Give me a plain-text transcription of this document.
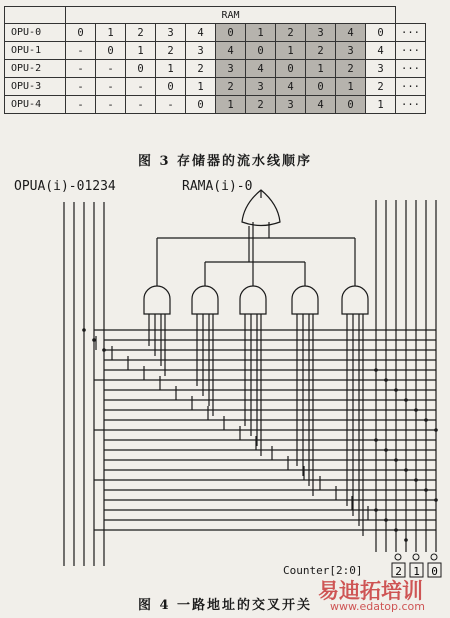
	RAM											
OPU-0	0	1	2	3	4	0	1	2	3	4	0	···
OPU-1	-	0	1	2	3	4	0	1	2	3	4	···
OPU-2	-	-	0	1	2	3	4	0	1	2	3	···
OPU-3	-	-	-	0	1	2	3	4	0	1	2	···
OPU-4	-	-	-	-	0	1	2	3	4	0	1	···
图 3 存储器的流水线顺序
OPUA(i)-01234	RAMA(i)-0
Counter[2:0]	2 1 0
图 4 一路地址的交叉开关
易迪拓培训
www.edatop.com
